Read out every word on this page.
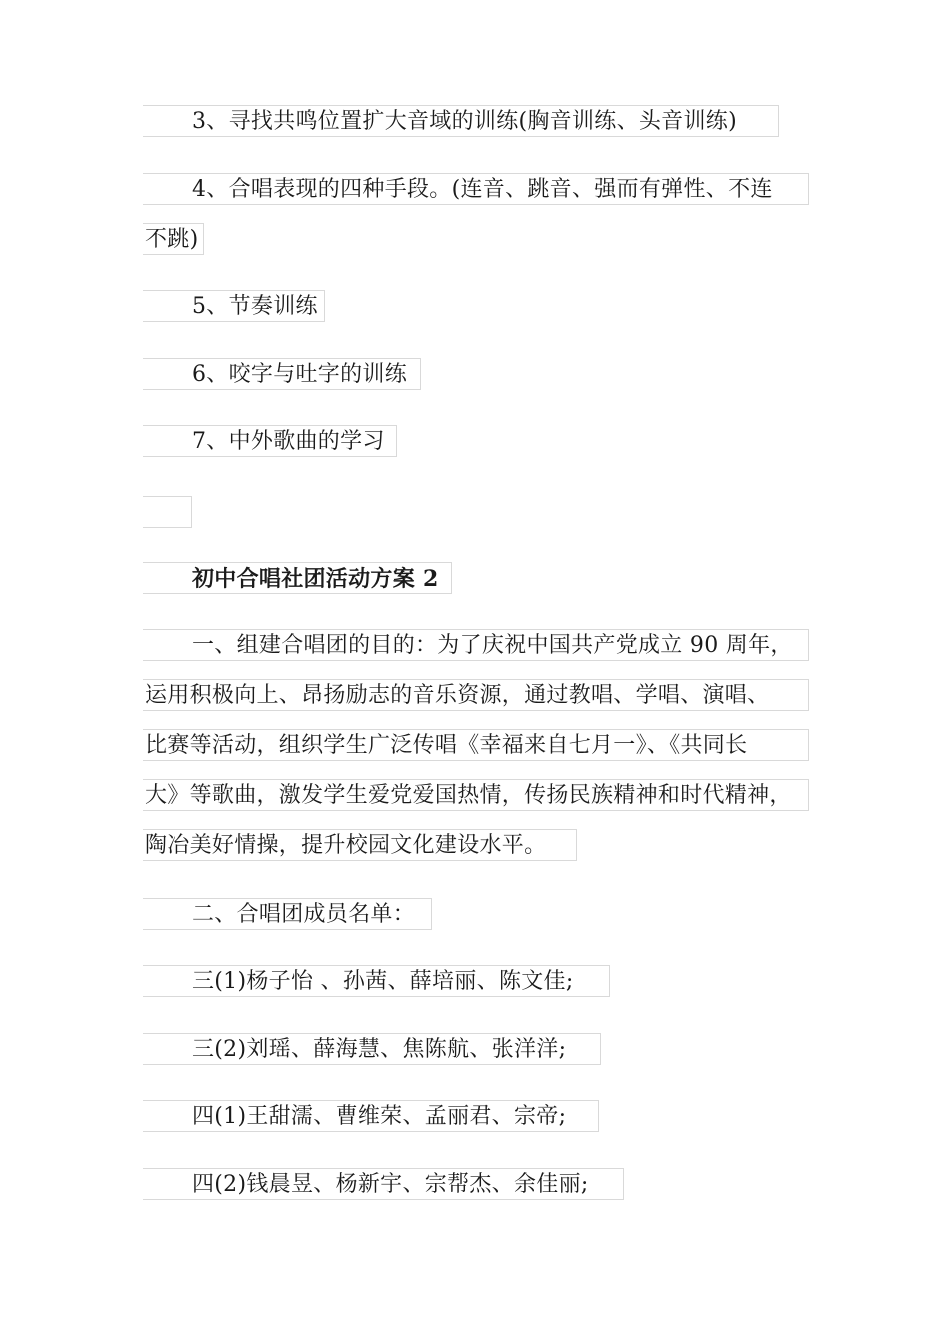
3、寻找共鸣位置扩大音域的训练(胸音训练、头音训练)
4、合唱表现的四种手段。(连音、跳音、强而有弹性、不连
不跳)
5、节奏训练
6、咬字与吐字的训练
7、中外歌曲的学习
初中合唱社团活动方案 2
一、组建合唱团的目的：为了庆祝中国共产党成立 90 周年，
运用积极向上、昂扬励志的音乐资源，通过教唱、学唱、演唱、
比赛等活动，组织学生广泛传唱《幸福来自七月一》、《共同长
大》等歌曲，激发学生爱党爱国热情，传扬民族精神和时代精神，
陶冶美好情操，提升校园文化建设水平。
二、合唱团成员名单：
三(1)杨子怡 、孙茜、薛培丽、陈文佳;
三(2)刘瑶、薛海慧、焦陈航、张洋洋;
四(1)王甜濡、曹维荣、孟丽君、宗帝;
四(2)钱晨昱、杨新宇、宗帮杰、余佳丽;
